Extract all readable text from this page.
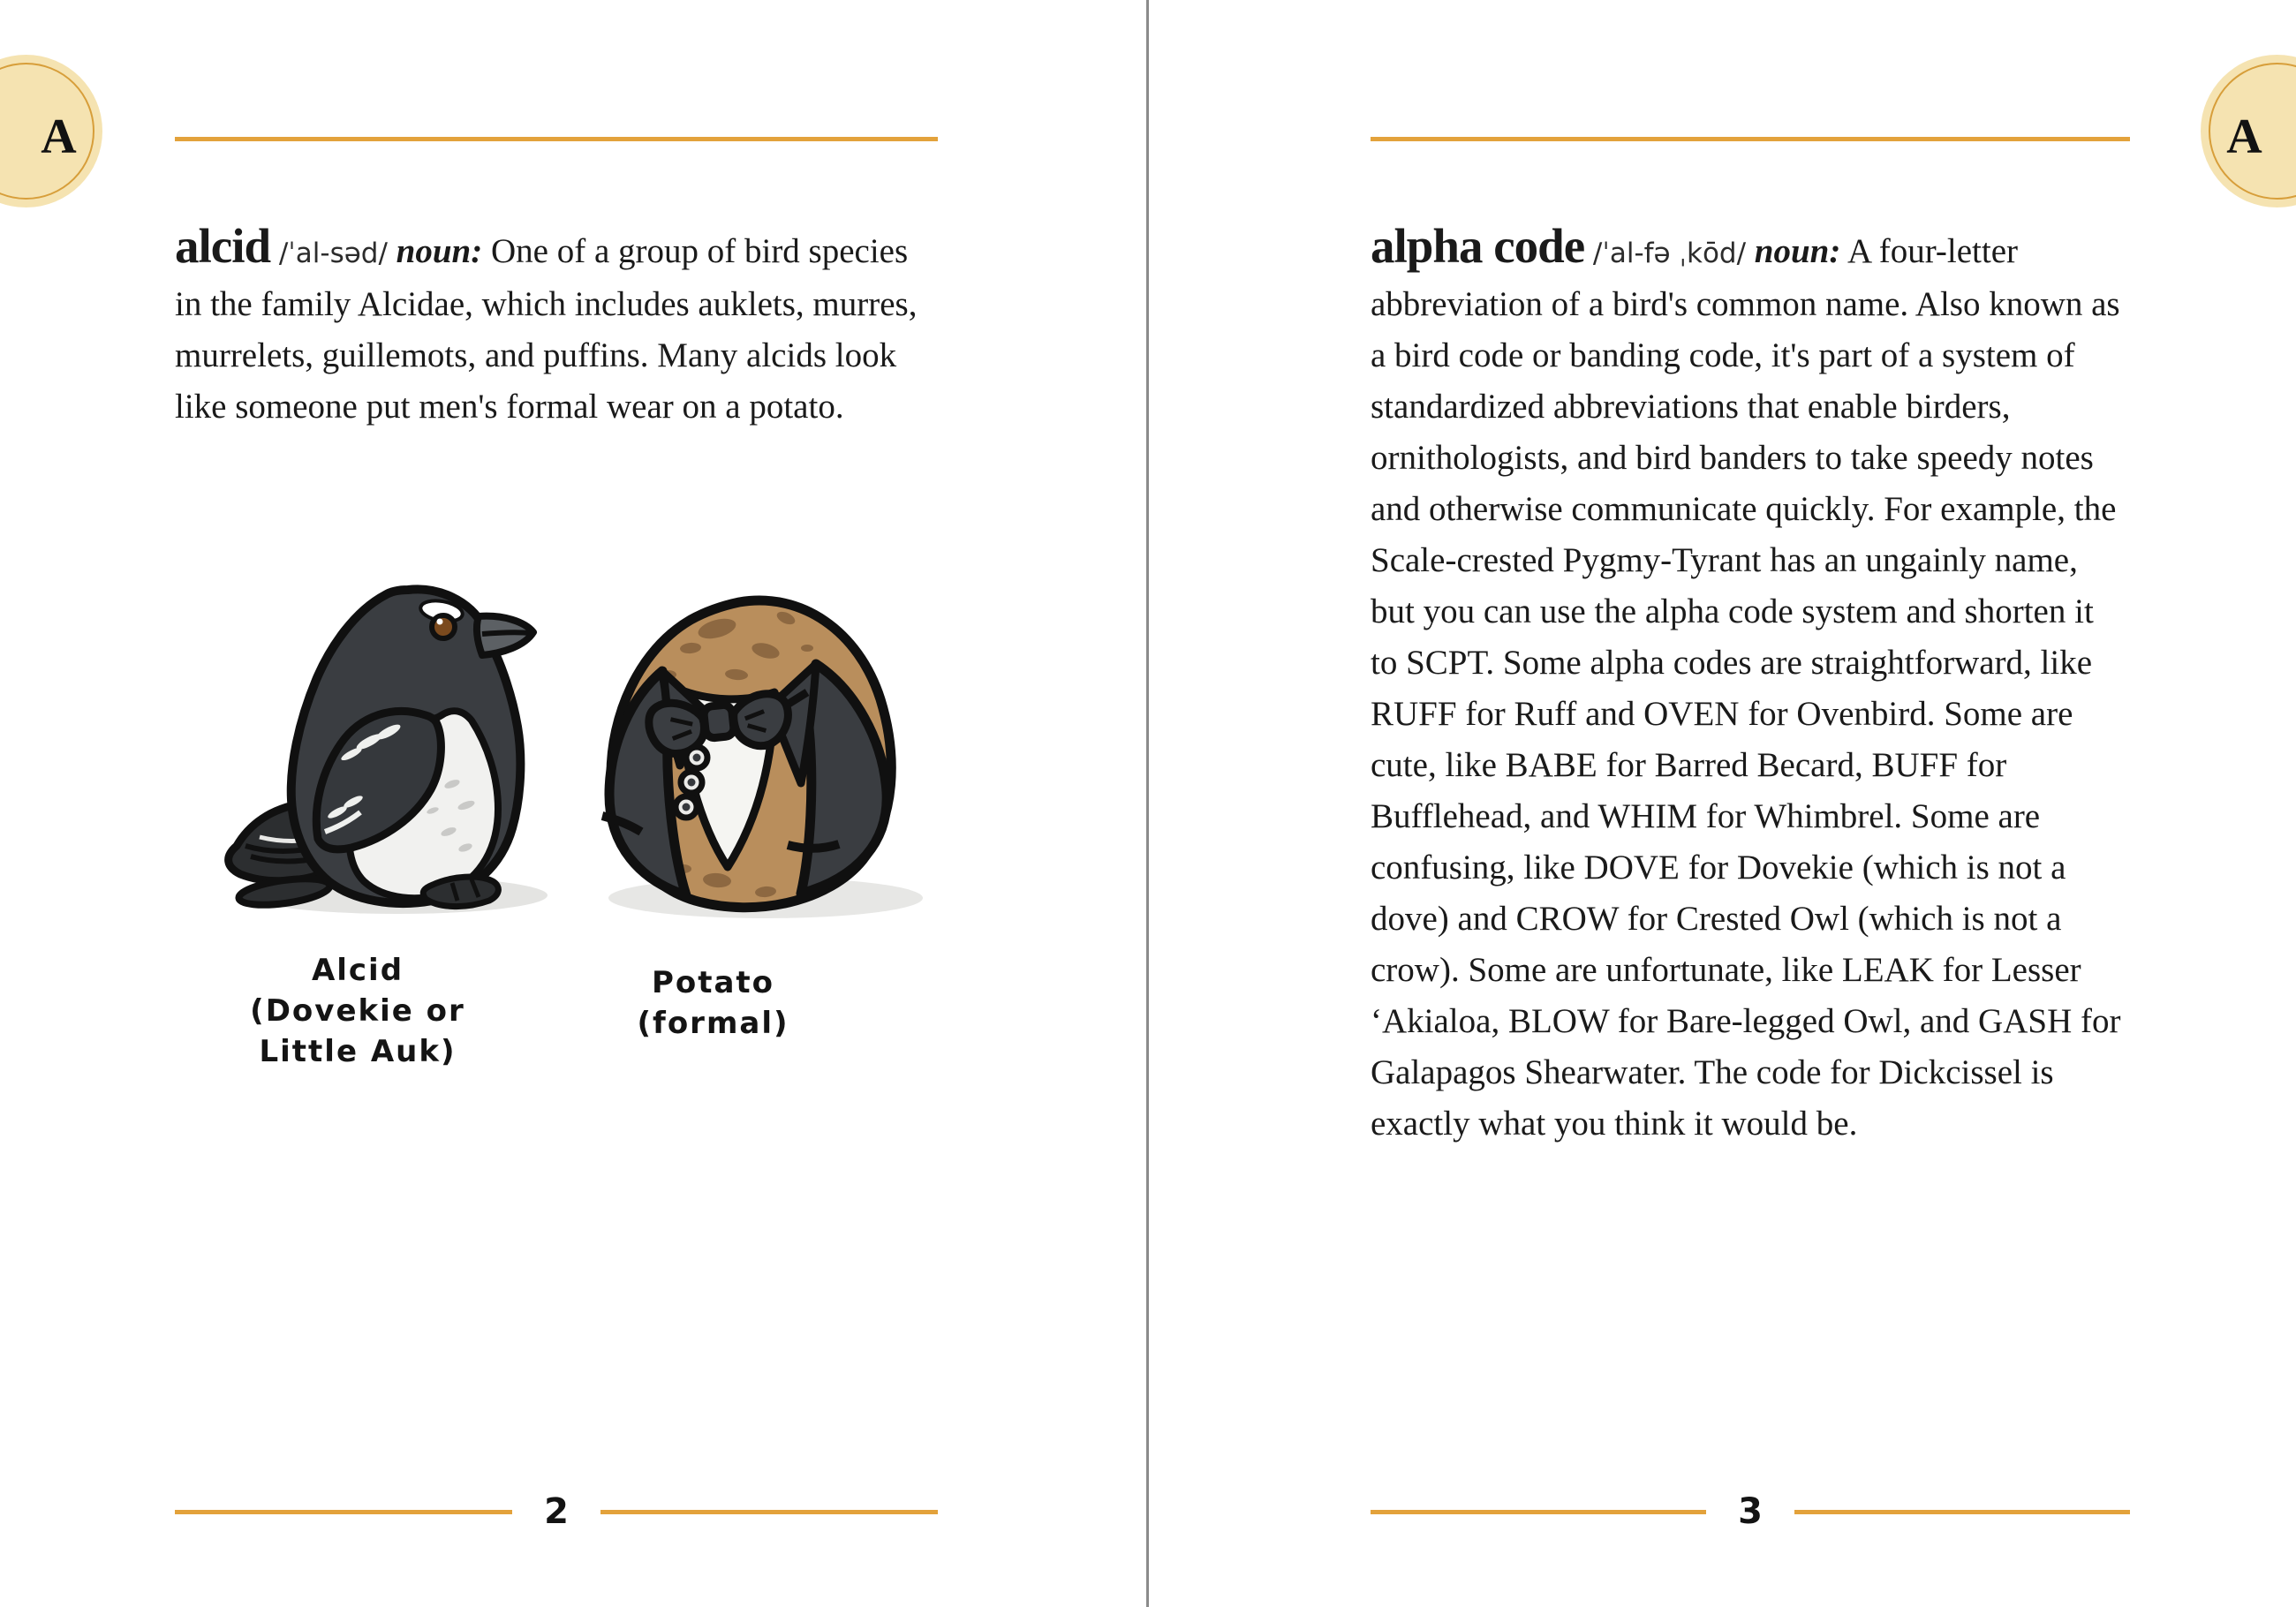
A	A

alcid /ˈal-səd/ noun: One of a group of bird species in the family Alcidae, which includes auklets, murres, murrelets, guillemots, and puffins. Many alcids look like someone put men's formal wear on a potato.

Alcid
(Dovekie or
Little Auk)
Potato
(formal)

alpha code /ˈal-fə ˌkōd/ noun: A four-letter abbreviation of a bird's common name. Also known as a bird code or banding code, it's part of a system of standardized abbreviations that enable birders, ornithologists, and bird banders to take speedy notes and otherwise communicate quickly. For example, the Scale-crested Pygmy-Tyrant has an ungainly name, but you can use the alpha code system and shorten it to SCPT. Some alpha codes are straightforward, like RUFF for Ruff and OVEN for Ovenbird. Some are cute, like BABE for Barred Becard, BUFF for Bufflehead, and WHIM for Whimbrel. Some are confusing, like DOVE for Dovekie (which is not a dove) and CROW for Crested Owl (which is not a crow). Some are unfortunate, like LEAK for Lesser ‘Akialoa, BLOW for Bare-legged Owl, and GASH for Galapagos Shearwater. The code for Dickcissel is exactly what you think it would be.

2	3
